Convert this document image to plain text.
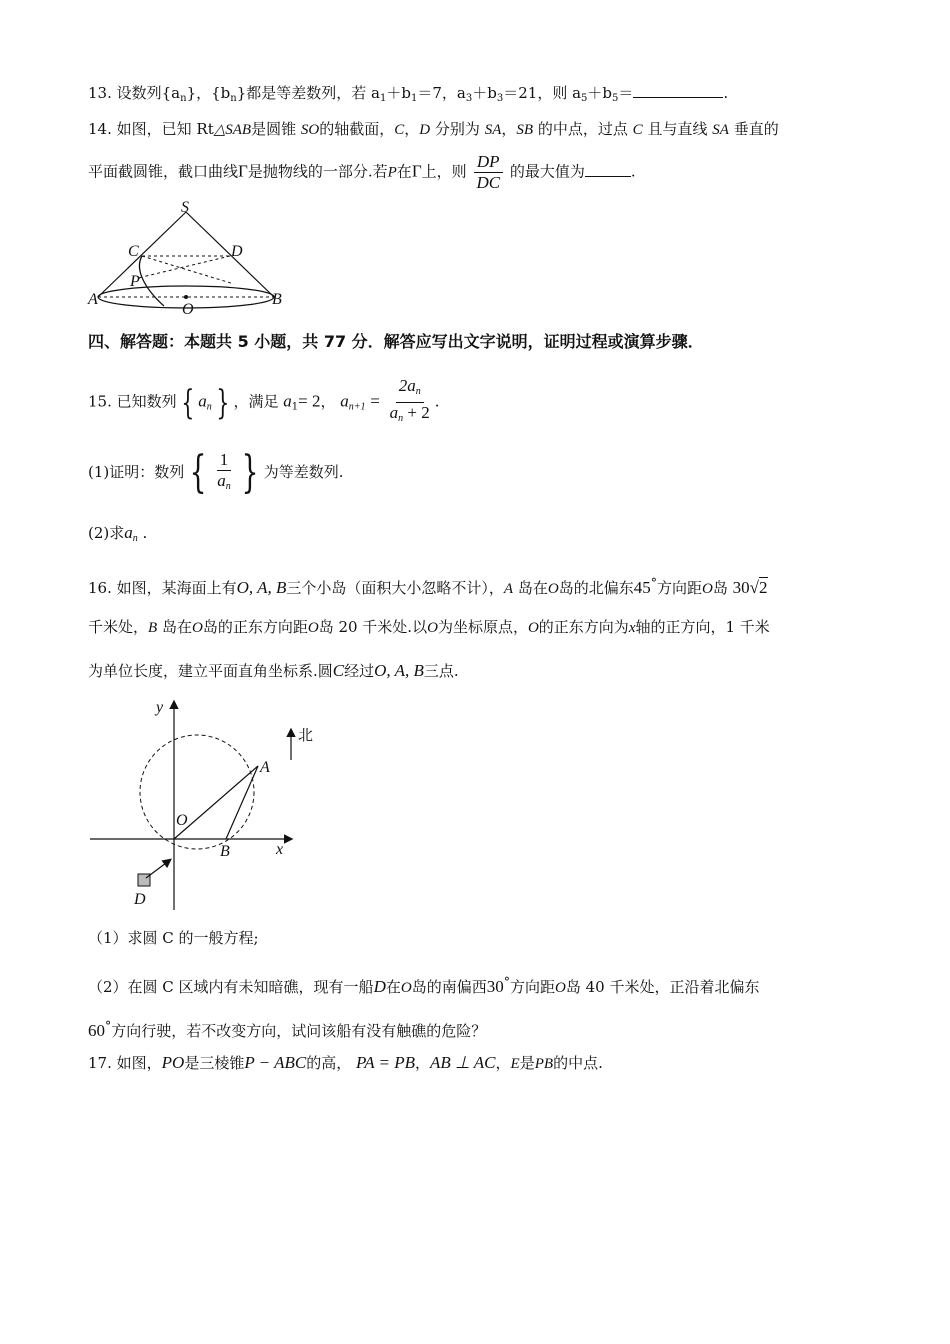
13. 设数列$\{a_n\}$，$\{b_n\}$都是等差数列，若 $a_1+b_1=7$，$a_3+b_3=21$，则 $a_5+b_5=$	.
14. 如图，已知 Rt△SAB是圆锥 SO的轴截面，C，D 分别为 SA，SB 的中点，过点 C 且与直线 SA 垂直的
平面截圆锥，截口曲线Γ是抛物线的一部分.若P在Γ上，则 $\frac{DP}{DC}$ 的最大值为	.
S
C	D
P
A
O
B
四、解答题：本题共 5 小题，共 77 分．解答应写出文字说明，证明过程或演算步骤．
15. 已知数列 { $a_n$ } ，满足 $a_1= 2$， $a_{n+1} = \frac{2a_n}{a_n + 2}$ .
(1)证明：数列 { $\frac{1}{a_n}$ } 为等差数列.
(2)求$a_n$ .
16. 如图，某海面上有O, A, B三个小岛（面积大小忽略不计），A 岛在O岛的北偏东45°方向距O岛 30√2
千米处，B 岛在O岛的正东方向距O岛 20 千米处.以O为坐标原点，O的正东方向为x轴的正方向，1 千米
为单位长度，建立平面直角坐标系.圆C经过O, A, B三点.
北
y
x
A
O
B
D
（1）求圆 C 的一般方程;
（2）在圆 C 区域内有未知暗礁，现有一船D在O岛的南偏西30°方向距O岛 40 千米处，正沿着北偏东
60°方向行驶，若不改变方向，试问该船有没有触礁的危险？
17. 如图，PO是三棱锥P − ABC的高， PA = PB，AB ⊥ AC，E是PB的中点.
